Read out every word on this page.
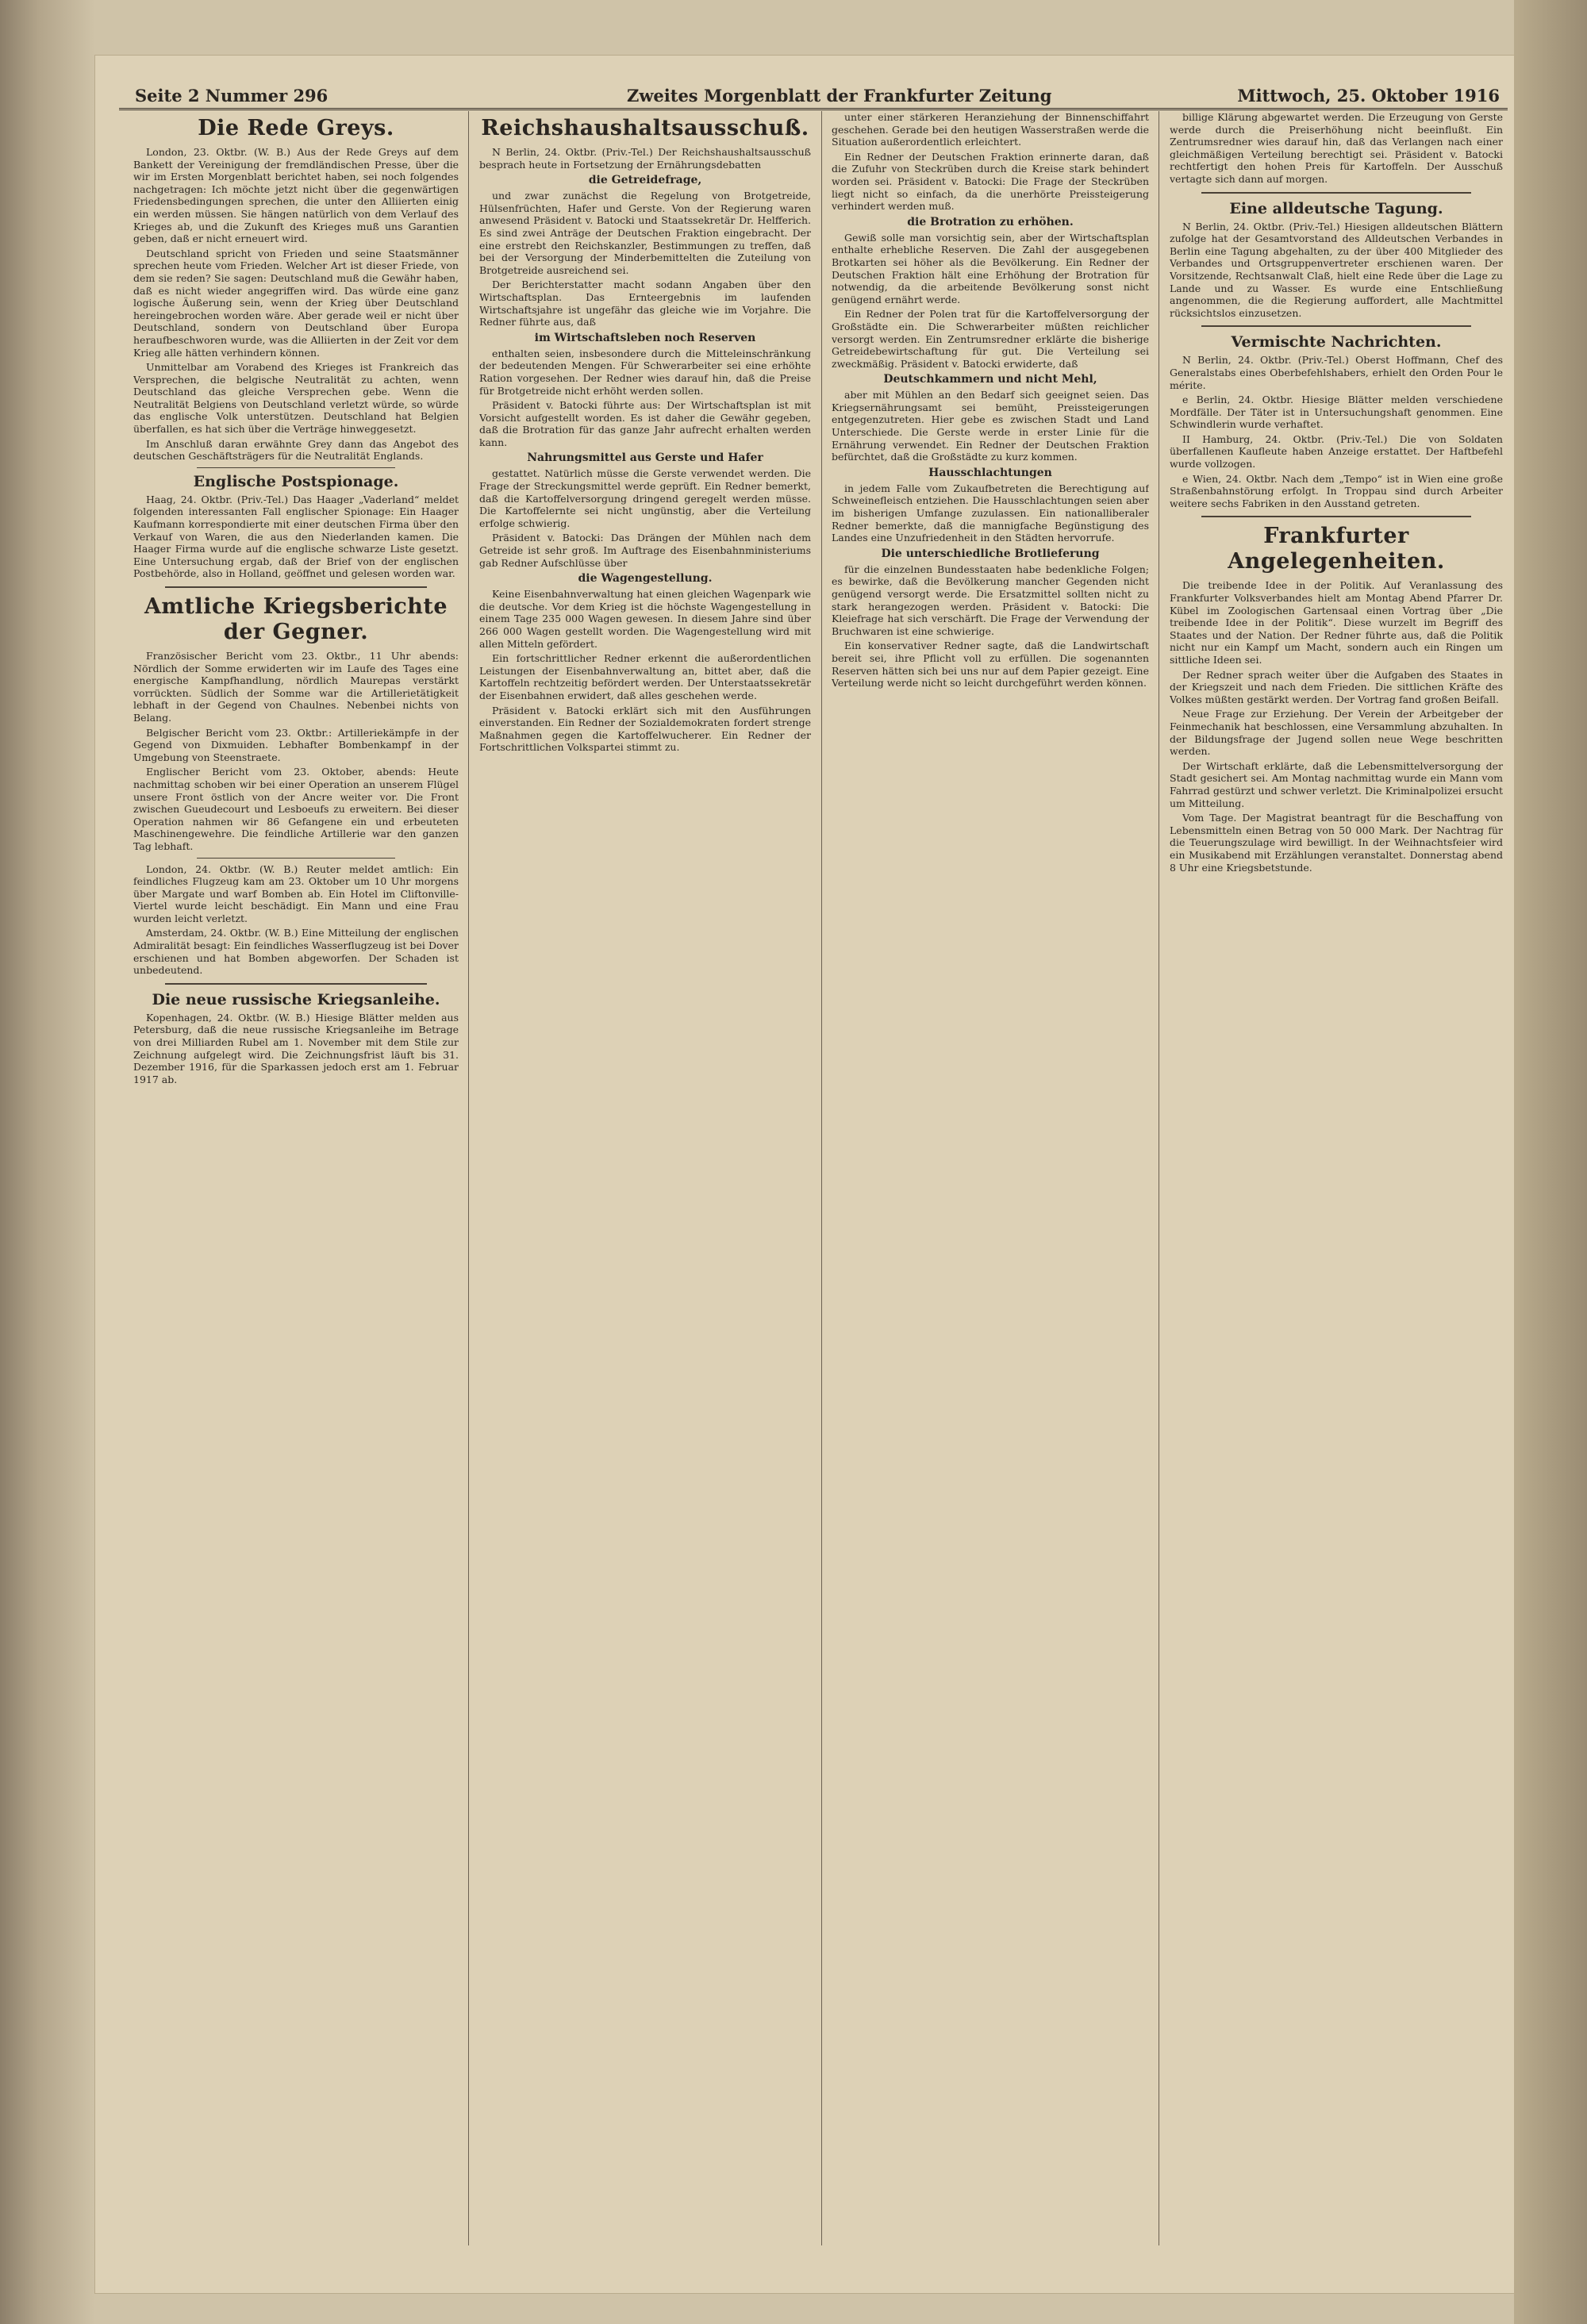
Seite 2 Nummer 296	Zweites Morgenblatt der Frankfurter Zeitung	Mittwoch, 25. Oktober 1916
Die Rede Greys.

London, 23. Oktbr. (W. B.) Aus der Rede Greys auf dem Bankett der Vereinigung der fremdländischen Presse, über die wir im Ersten Morgenblatt berichtet haben, sei noch folgendes nachgetragen: Ich möchte jetzt nicht über die gegenwärtigen Friedensbedingungen sprechen, die unter den Alliierten einig ein werden müssen. Sie hängen natürlich von dem Verlauf des Krieges ab, und die Zukunft des Krieges muß uns Garantien geben, daß er nicht erneuert wird.

Deutschland spricht von Frieden und seine Staatsmänner sprechen heute vom Frieden. Welcher Art ist dieser Friede, von dem sie reden? Sie sagen: Deutschland muß die Gewähr haben, daß es nicht wieder angegriffen wird. Das würde eine ganz logische Äußerung sein, wenn der Krieg über Deutschland hereingebrochen worden wäre. Aber gerade weil er nicht über Deutschland, sondern von Deutschland über Europa heraufbeschworen wurde, was die Alliierten in der Zeit vor dem Krieg alle hätten verhindern können.

Unmittelbar am Vorabend des Krieges ist Frankreich das Versprechen, die belgische Neutralität zu achten, wenn Deutschland das gleiche Versprechen gebe. Wenn die Neutralität Belgiens von Deutschland verletzt würde, so würde das englische Volk unterstützen. Deutschland hat Belgien überfallen, es hat sich über die Verträge hinweggesetzt.

Im Anschluß daran erwähnte Grey dann das Angebot des deutschen Geschäftsträgers für die Neutralität Englands.

Englische Postspionage.

Haag, 24. Oktbr. (Priv.-Tel.) Das Haager „Vaderland“ meldet folgenden interessanten Fall englischer Spionage: Ein Haager Kaufmann korrespondierte mit einer deutschen Firma über den Verkauf von Waren, die aus den Niederlanden kamen. Die Haager Firma wurde auf die englische schwarze Liste gesetzt. Eine Untersuchung ergab, daß der Brief von der englischen Postbehörde, also in Holland, geöffnet und gelesen worden war.

Amtliche Kriegsberichte der Gegner.

Französischer Bericht vom 23. Oktbr., 11 Uhr abends: Nördlich der Somme erwiderten wir im Laufe des Tages eine energische Kampfhandlung, nördlich Maurepas verstärkt vorrückten. Südlich der Somme war die Artillerietätigkeit lebhaft in der Gegend von Chaulnes. Nebenbei nichts von Belang.

Belgischer Bericht vom 23. Oktbr.: Artilleriekämpfe in der Gegend von Dixmuiden. Lebhafter Bombenkampf in der Umgebung von Steenstraete.

Englischer Bericht vom 23. Oktober, abends: Heute nachmittag schoben wir bei einer Operation an unserem Flügel unsere Front östlich von der Ancre weiter vor. Die Front zwischen Gueudecourt und Lesboeufs zu erweitern. Bei dieser Operation nahmen wir 86 Gefangene ein und erbeuteten Maschinengewehre. Die feindliche Artillerie war den ganzen Tag lebhaft.

London, 24. Oktbr. (W. B.) Reuter meldet amtlich: Ein feindliches Flugzeug kam am 23. Oktober um 10 Uhr morgens über Margate und warf Bomben ab. Ein Hotel im Cliftonville-Viertel wurde leicht beschädigt. Ein Mann und eine Frau wurden leicht verletzt.

Amsterdam, 24. Oktbr. (W. B.) Eine Mitteilung der englischen Admiralität besagt: Ein feindliches Wasserflugzeug ist bei Dover erschienen und hat Bomben abgeworfen. Der Schaden ist unbedeutend.

Die neue russische Kriegsanleihe.

Kopenhagen, 24. Oktbr. (W. B.) Hiesige Blätter melden aus Petersburg, daß die neue russische Kriegsanleihe im Betrage von drei Milliarden Rubel am 1. November mit dem Stile zur Zeichnung aufgelegt wird. Die Zeichnungsfrist läuft bis 31. Dezember 1916, für die Sparkassen jedoch erst am 1. Februar 1917 ab.

Reichshaushaltsausschuß.

N Berlin, 24. Oktbr. (Priv.-Tel.) Der Reichshaushaltsausschuß besprach heute in Fortsetzung der Ernährungsdebatten

die Getreidefrage,

und zwar zunächst die Regelung von Brotgetreide, Hülsenfrüchten, Hafer und Gerste. Von der Regierung waren anwesend Präsident v. Batocki und Staatssekretär Dr. Helfferich. Es sind zwei Anträge der Deutschen Fraktion eingebracht. Der eine erstrebt den Reichskanzler, Bestimmungen zu treffen, daß bei der Versorgung der Minderbemittelten die Zuteilung von Brotgetreide ausreichend sei.

Der Berichterstatter macht sodann Angaben über den Wirtschaftsplan. Das Ernteergebnis im laufenden Wirtschaftsjahre ist ungefähr das gleiche wie im Vorjahre. Die Redner führte aus, daß

im Wirtschaftsleben noch Reserven

enthalten seien, insbesondere durch die Mitteleinschränkung der bedeutenden Mengen. Für Schwerarbeiter sei eine erhöhte Ration vorgesehen. Der Redner wies darauf hin, daß die Preise für Brotgetreide nicht erhöht werden sollen.

Präsident v. Batocki führte aus: Der Wirtschaftsplan ist mit Vorsicht aufgestellt worden. Es ist daher die Gewähr gegeben, daß die Brotration für das ganze Jahr aufrecht erhalten werden kann.

Nahrungsmittel aus Gerste und Hafer

gestattet. Natürlich müsse die Gerste verwendet werden. Die Frage der Streckungsmittel werde geprüft. Ein Redner bemerkt, daß die Kartoffelversorgung dringend geregelt werden müsse. Die Kartoffelernte sei nicht ungünstig, aber die Verteilung erfolge schwierig.

Präsident v. Batocki: Das Drängen der Mühlen nach dem Getreide ist sehr groß. Im Auftrage des Eisenbahnministeriums gab Redner Aufschlüsse über

die Wagengestellung.

Keine Eisenbahnverwaltung hat einen gleichen Wagenpark wie die deutsche. Vor dem Krieg ist die höchste Wagengestellung in einem Tage 235 000 Wagen gewesen. In diesem Jahre sind über 266 000 Wagen gestellt worden. Die Wagengestellung wird mit allen Mitteln gefördert.

Ein fortschrittlicher Redner erkennt die außerordentlichen Leistungen der Eisenbahnverwaltung an, bittet aber, daß die Kartoffeln rechtzeitig befördert werden. Der Unterstaatssekretär der Eisenbahnen erwidert, daß alles geschehen werde.

Präsident v. Batocki erklärt sich mit den Ausführungen einverstanden. Ein Redner der Sozialdemokraten fordert strenge Maßnahmen gegen die Kartoffelwucherer. Ein Redner der Fortschrittlichen Volkspartei stimmt zu.

unter einer stärkeren Heranziehung der Binnenschiffahrt geschehen. Gerade bei den heutigen Wasserstraßen werde die Situation außerordentlich erleichtert.

Ein Redner der Deutschen Fraktion erinnerte daran, daß die Zufuhr von Steckrüben durch die Kreise stark behindert worden sei. Präsident v. Batocki: Die Frage der Steckrüben liegt nicht so einfach, da die unerhörte Preissteigerung verhindert werden muß.

die Brotration zu erhöhen.

Gewiß solle man vorsichtig sein, aber der Wirtschaftsplan enthalte erhebliche Reserven. Die Zahl der ausgegebenen Brotkarten sei höher als die Bevölkerung. Ein Redner der Deutschen Fraktion hält eine Erhöhung der Brotration für notwendig, da die arbeitende Bevölkerung sonst nicht genügend ernährt werde.

Ein Redner der Polen trat für die Kartoffelversorgung der Großstädte ein. Die Schwerarbeiter müßten reichlicher versorgt werden. Ein Zentrumsredner erklärte die bisherige Getreidebewirtschaftung für gut. Die Verteilung sei zweckmäßig. Präsident v. Batocki erwiderte, daß

Deutschkammern und nicht Mehl,

aber mit Mühlen an den Bedarf sich geeignet seien. Das Kriegsernährungsamt sei bemüht, Preissteigerungen entgegenzutreten. Hier gebe es zwischen Stadt und Land Unterschiede. Die Gerste werde in erster Linie für die Ernährung verwendet. Ein Redner der Deutschen Fraktion befürchtet, daß die Großstädte zu kurz kommen.

Hausschlachtungen

in jedem Falle vom Zukaufbetreten die Berechtigung auf Schweinefleisch entziehen. Die Hausschlachtungen seien aber im bisherigen Umfange zuzulassen. Ein nationalliberaler Redner bemerkte, daß die mannigfache Begünstigung des Landes eine Unzufriedenheit in den Städten hervorrufe.

Die unterschiedliche Brotlieferung

für die einzelnen Bundesstaaten habe bedenkliche Folgen; es bewirke, daß die Bevölkerung mancher Gegenden nicht genügend versorgt werde. Die Ersatzmittel sollten nicht zu stark herangezogen werden. Präsident v. Batocki: Die Kleiefrage hat sich verschärft. Die Frage der Verwendung der Bruchwaren ist eine schwierige.

Ein konservativer Redner sagte, daß die Landwirtschaft bereit sei, ihre Pflicht voll zu erfüllen. Die sogenannten Reserven hätten sich bei uns nur auf dem Papier gezeigt. Eine Verteilung werde nicht so leicht durchgeführt werden können.

billige Klärung abgewartet werden. Die Erzeugung von Gerste werde durch die Preiserhöhung nicht beeinflußt. Ein Zentrumsredner wies darauf hin, daß das Verlangen nach einer gleichmäßigen Verteilung berechtigt sei. Präsident v. Batocki rechtfertigt den hohen Preis für Kartoffeln. Der Ausschuß vertagte sich dann auf morgen.

Eine alldeutsche Tagung.

N Berlin, 24. Oktbr. (Priv.-Tel.) Hiesigen alldeutschen Blättern zufolge hat der Gesamtvorstand des Alldeutschen Verbandes in Berlin eine Tagung abgehalten, zu der über 400 Mitglieder des Verbandes und Ortsgruppenvertreter erschienen waren. Der Vorsitzende, Rechtsanwalt Claß, hielt eine Rede über die Lage zu Lande und zu Wasser. Es wurde eine Entschließung angenommen, die die Regierung auffordert, alle Machtmittel rücksichtslos einzusetzen.

Vermischte Nachrichten.

N Berlin, 24. Oktbr. (Priv.-Tel.) Oberst Hoffmann, Chef des Generalstabs eines Oberbefehlshabers, erhielt den Orden Pour le mérite.

e Berlin, 24. Oktbr. Hiesige Blätter melden verschiedene Mordfälle. Der Täter ist in Untersuchungshaft genommen. Eine Schwindlerin wurde verhaftet.

II Hamburg, 24. Oktbr. (Priv.-Tel.) Die von Soldaten überfallenen Kaufleute haben Anzeige erstattet. Der Haftbefehl wurde vollzogen.

e Wien, 24. Oktbr. Nach dem „Tempo“ ist in Wien eine große Straßenbahnstörung erfolgt. In Troppau sind durch Arbeiter weitere sechs Fabriken in den Ausstand getreten.

Frankfurter Angelegenheiten.

Die treibende Idee in der Politik. Auf Veranlassung des Frankfurter Volksverbandes hielt am Montag Abend Pfarrer Dr. Kübel im Zoologischen Gartensaal einen Vortrag über „Die treibende Idee in der Politik“. Diese wurzelt im Begriff des Staates und der Nation. Der Redner führte aus, daß die Politik nicht nur ein Kampf um Macht, sondern auch ein Ringen um sittliche Ideen sei.

Der Redner sprach weiter über die Aufgaben des Staates in der Kriegszeit und nach dem Frieden. Die sittlichen Kräfte des Volkes müßten gestärkt werden. Der Vortrag fand großen Beifall.

Neue Frage zur Erziehung. Der Verein der Arbeitgeber der Feinmechanik hat beschlossen, eine Versammlung abzuhalten. In der Bildungsfrage der Jugend sollen neue Wege beschritten werden.

Der Wirtschaft erklärte, daß die Lebensmittelversorgung der Stadt gesichert sei. Am Montag nachmittag wurde ein Mann vom Fahrrad gestürzt und schwer verletzt. Die Kriminalpolizei ersucht um Mitteilung.

Vom Tage. Der Magistrat beantragt für die Beschaffung von Lebensmitteln einen Betrag von 50 000 Mark. Der Nachtrag für die Teuerungszulage wird bewilligt. In der Weihnachtsfeier wird ein Musikabend mit Erzählungen veranstaltet. Donnerstag abend 8 Uhr eine Kriegsbetstunde.
